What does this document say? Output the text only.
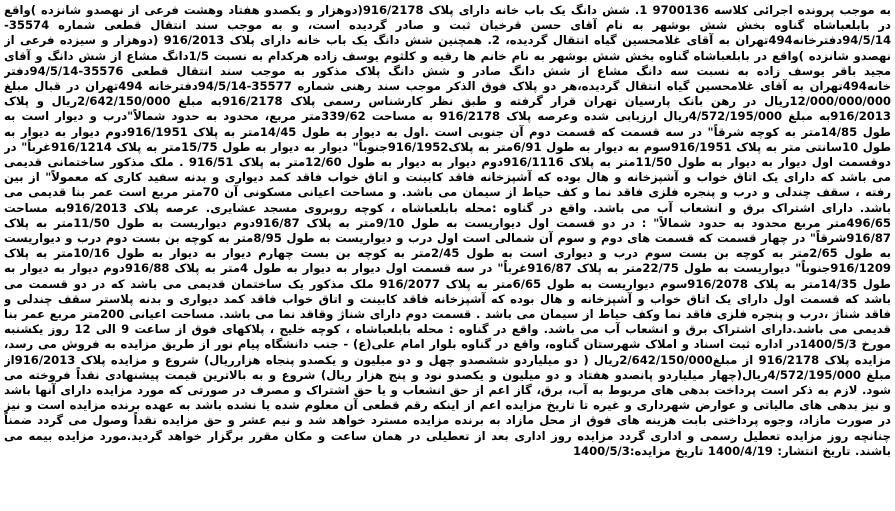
به موجب پرونده اجرائی کلاسه 9700136 1. شش دانگ یک باب خانه دارای پلاک 916/2178(دوهزار و یکصدو هفتاد وهشت فرعی از نهصدو شانزده )واقع در بابلعباشاه گناوه بخش شش بوشهر به نام آقای حسن قرخیان ثبت و صادر گردیده است، و به موجب سند انتقال قطعی شماره 35574-94/5/14دفترخانه494تهران به آقای غلامحسین گیاه انتقال گردیده، 2. همچنین شش دانگ یک باب خانه دارای پلاک 916/2013 (دوهزار و سیزده فرعی از نهصدو شانزده )واقع در بابلعباشاه گناوه بخش شش بوشهر به نام خانم ها رقیه و کلثوم یوسف زاده هرکدام به نسبت 1/5دانگ مشاع از شش دانگ و آقای مجید باقر یوسف زاده به نسبت سه دانگ مشاع از شش دانگ صادر و شش دانگ پلاک مذکور به موجب سند انتقال قطعی 35576-94/5/14دفتر خانه494تهران به آقای غلامحسین گیاه انتقال گردیده،هر دو پلاک فوق الذکر موجب سند رهنی شماره 35577-94/5/14دفترخانه 494تهران در قبال مبلغ 12/000/000/000ریال در رهن بانک پارسیان تهران قرار گرفته و طبق نظر کارشناس رسمی پلاک 916/2178به مبلغ 2/642/150/000ریال و پلاک 916/2013به مبلغ 4/572/195/000ریال ارزیابی شده وعرصه پلاک 916/2178 به مساحت 339/62متر مربع، محدود به حدود شمالاً"درب و دیوار است به طول 14/85متر به کوچه شرقاً" در سه قسمت که قسمت دوم آن جنوبی است .اول به دیوار به طول 14/45متر به پلاک 916/1951دوم دیوار به دیوار به طول 10سانتی متر به پلاک 916/1951سوم به دیوار به طول 6/91متر به پلاک916/1952جنوباً" دیوار به دیوار به طول 15/75متر به پلاک 916/1214غرباً" در دوقسمت اول دیوار به دیوار به طول 11/50متر به پلاک 916/1116دوم دیوار به دیوار به طول 12/60متر به پلاک 916/51 . ملک مذکور ساختمانی قدیمی می باشد که دارای یک اتاق خواب و آشپزخانه و هال بوده که آشپزخانه فاقد کابینت و اتاق خواب فاقد کمد دیواری و بدنه سفید کاری که معمولاً" از بین رفته ، سقف چندلی و درب و پنجره فلزی فاقد نما و کف حیاط از سیمان می باشد. و مساحت اعیانی مسکونی آن 70متر مربع است عمر بنا قدیمی می باشد. دارای اشتراک برق و انشعاب آب می باشد. واقع در گناوه :محله بابلعباشاه ، کوچه روبروی مسجد عشایری. عرصه پلاک 916/2013به مساحت 496/65متر مربع محدود به حدود شمالاً" : در دو قسمت اول دیواریست به طول 9/10متر به پلاک 916/87دوم دیواریست به طول 11/50متر به پلاک 916/87شرقاً" در چهار قسمت که قسمت های دوم و سوم آن شمالی است اول درب و دیواریست به طول 8/95متر به کوچه بن بست دوم درب و دیواریست به طول 2/65متر به کوچه بن بست سوم درب و دیواری است به طول 2/45متر به کوچه بن بست چهارم دیوار به دیوار به طول 10/16متر به پلاک 916/1209جنوباً" دیواریست به طول 22/75متر به پلاک 916/87غرباً" در سه قسمت اول دیوار به دیوار به طول 4متر به پلاک 916/88دوم دیوار به دیوار به طول 14/35متر به پلاک 916/2078سوم دیواریست به طول 6/65متر به پلاک 916/2077 ملک مذکور یک ساختمان قدیمی می باشد که در دو قسمت می باشد که قسمت اول دارای یک اتاق خواب و آشپزخانه و هال بوده که آشپزخانه فاقد کابینت و اتاق خواب فاقد کمد دیواری و بدنه پلاستر سقف چندلی و فاقد شناژ ،درب و پنجره فلزی فاقد نما وکف حیاط از سیمان می باشد . قسمت دوم دارای شناژ وقاقد نما می باشد. مساحت اعیانی 200متر مربع عمر بنا قدیمی می باشد.دارای اشتراک برق و انشعاب آب می باشد. واقع در گناوه : محله بابلعباشاه ، کوچه خلیج ، پلاکهای فوق از ساعت 9 الی 12 روز یکشنبه مورخ 1400/5/3در اداره ثبت اسناد و املاک شهرستان گناوه، واقع در گناوه بلوار امام علی(ع) - جنب دانشگاه پیام نور از طریق مزایده به فروش می رسد، مزایده پلاک 916/2178 از مبلغ2/642/150/000ریال ( دو میلیاردو ششصدو چهل و دو میلیون و یکصدو پنجاه هزارریال) شروع و مزایده پلاک 916/2013از مبلغ 4/572/195/000ریال(چهار میلیاردو پانصدو هفتاد و دو میلیون و یکصدو نود و پنج هزار ریال) شروع و به بالاترین قیمت پیشنهادی نقداً فروخته می شود. لازم به ذکر است پرداخت بدهی های مربوط به آب، برق، گاز اعم از حق انشعاب و یا حق اشتراک و مصرف در صورتی که مورد مزایده دارای آنها باشد و نیز بدهی های مالیاتی و عوارض شهرداری و غیره تا تاریخ مزایده اعم از اینکه رقم قطعی آن معلوم شده یا نشده باشد به عهده برنده مزایده است و نیز در صورت مازاد، وجوه پرداختی بابت هزینه های فوق از محل مازاد به برنده مزایده مسترد خواهد شد و نیم عشر و حق مزایده نقداً وصول می گردد ضمناً چنانچه روز مزایده تعطیل رسمی و اداری گردد مزایده روز اداری بعد از تعطیلی در همان ساعت و مکان مقرر برگزار خواهد گردید.مورد مزایده بیمه می باشند. تاریخ انتشار: 1400/4/19 تاریخ مزایده:1400/5/3
